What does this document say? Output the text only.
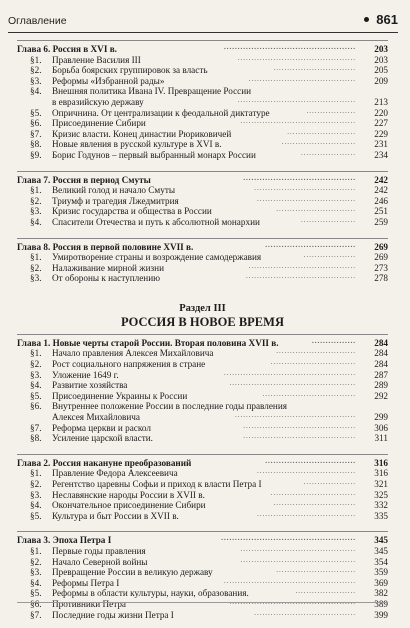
Оглавление	861
Глава 6. Россия в XVI в.	................................................ 203
§1. Правление Василия III	........................................... 203
§2. Борьба боярских группировок за власть	.............................. 205
§3. Реформы «Избранной рады»	....................................... 209
§4. Внешняя политика Ивана IV. Превращение России
в евразийскую державу	........................................... 213
§5. Опричнина. От централизации к феодальной диктатуре	.................. 220
§6. Присоединение Сибири	.......................................... 227
§7. Кризис власти. Конец династии Рюриковичей	......................... 229
§8. Новые явления в русской культуре в XVI в.	........................... 231
§9. Борис Годунов – первый выбранный монарх России	.................... 234
Глава 7. Россия в период Смуты	......................................... 242
§1. Великий голод и начало Смуты	..................................... 242
§2. Триумф и трагедия Лжедмитрия	.................................... 246
§3. Кризис государства и общества в России	............................. 251
§4. Спасители Отечества и путь к абсолютной монархии	.................... 259
Глава 8. Россия в первой половине XVII в.	................................. 269
§1. Умиротворение страны и возрождение самодержавия	................... 269
§2. Налаживание мирной жизни	....................................... 273
§3. От обороны к наступлению	........................................ 278
Раздел III
РОССИЯ В НОВОЕ ВРЕМЯ
Глава 1. Новые черты старой России. Вторая половина XVII в.	................ 284
§1. Начало правления Алексея Михайловича	............................. 284
§2. Рост социального напряжения в стране	............................... 284
§3. Уложение 1649 г.	................................................ 287
§4. Развитие хозяйства	.............................................. 289
§5. Присоединение Украины к России	.................................. 292
§6. Внутреннее положение России в последние годы правления
Алексея Михайловича	............................................ 299
§7. Реформа церкви и раскол	......................................... 306
§8. Усиление царской власти.	......................................... 311
Глава 2. Россия накануне преобразований	................................. 316
§1. Правление Федора Алексеевича	.................................... 316
§2. Регентство царевны Софьи и приход к власти Петра I	................... 321
§3. Неславянские народы России в XVII в.	............................... 325
§4. Окончательное присоединение Сибири	.............................. 332
§5. Культура и быт России в XVII в.	.................................... 335
Глава 3. Эпоха Петра I	................................................. 345
§1. Первые годы правления	.......................................... 345
§2. Начало Северной войны	.......................................... 354
§3. Превращение России в великую державу	............................. 359
§4. Реформы Петра I	................................................ 369
§5. Реформы в области культуры, науки, образования.	...................... 382
§6. Противники Петра	.............................................. 389
§7. Последние годы жизни Петра I	..................................... 399
